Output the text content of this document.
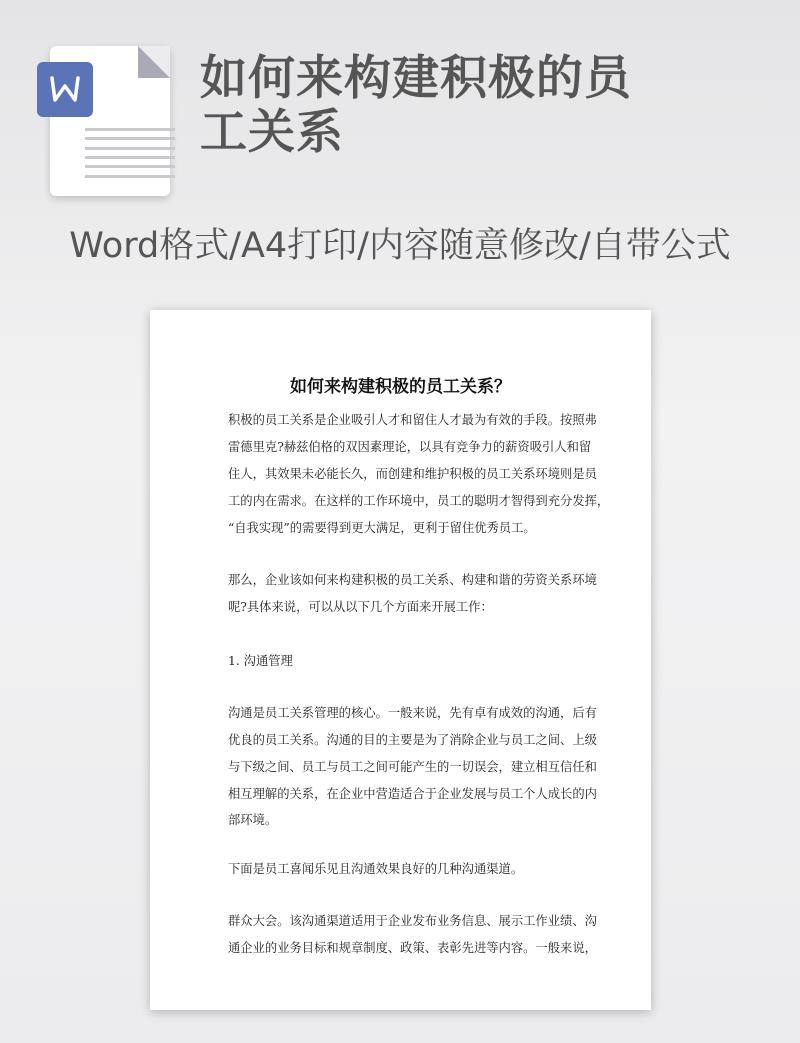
如何来构建积极的员
工关系
Word格式/A4打印/内容随意修改/自带公式
如何来构建积极的员工关系？
积极的员工关系是企业吸引人才和留住人才最为有效的手段。按照弗
雷德里克?赫兹伯格的双因素理论，以具有竞争力的薪资吸引人和留
住人，其效果未必能长久，而创建和维护积极的员工关系环境则是员
工的内在需求。在这样的工作环境中，员工的聪明才智得到充分发挥，
“自我实现”的需要得到更大满足，更利于留住优秀员工。
那么，企业该如何来构建积极的员工关系、构建和谐的劳资关系环境
呢?具体来说，可以从以下几个方面来开展工作：
1. 沟通管理
沟通是员工关系管理的核心。一般来说，先有卓有成效的沟通，后有
优良的员工关系。沟通的目的主要是为了消除企业与员工之间、上级
与下级之间、员工与员工之间可能产生的一切误会，建立相互信任和
相互理解的关系，在企业中营造适合于企业发展与员工个人成长的内
部环境。
下面是员工喜闻乐见且沟通效果良好的几种沟通渠道。
群众大会。该沟通渠道适用于企业发布业务信息、展示工作业绩、沟
通企业的业务目标和规章制度、政策、表彰先进等内容。一般来说，
